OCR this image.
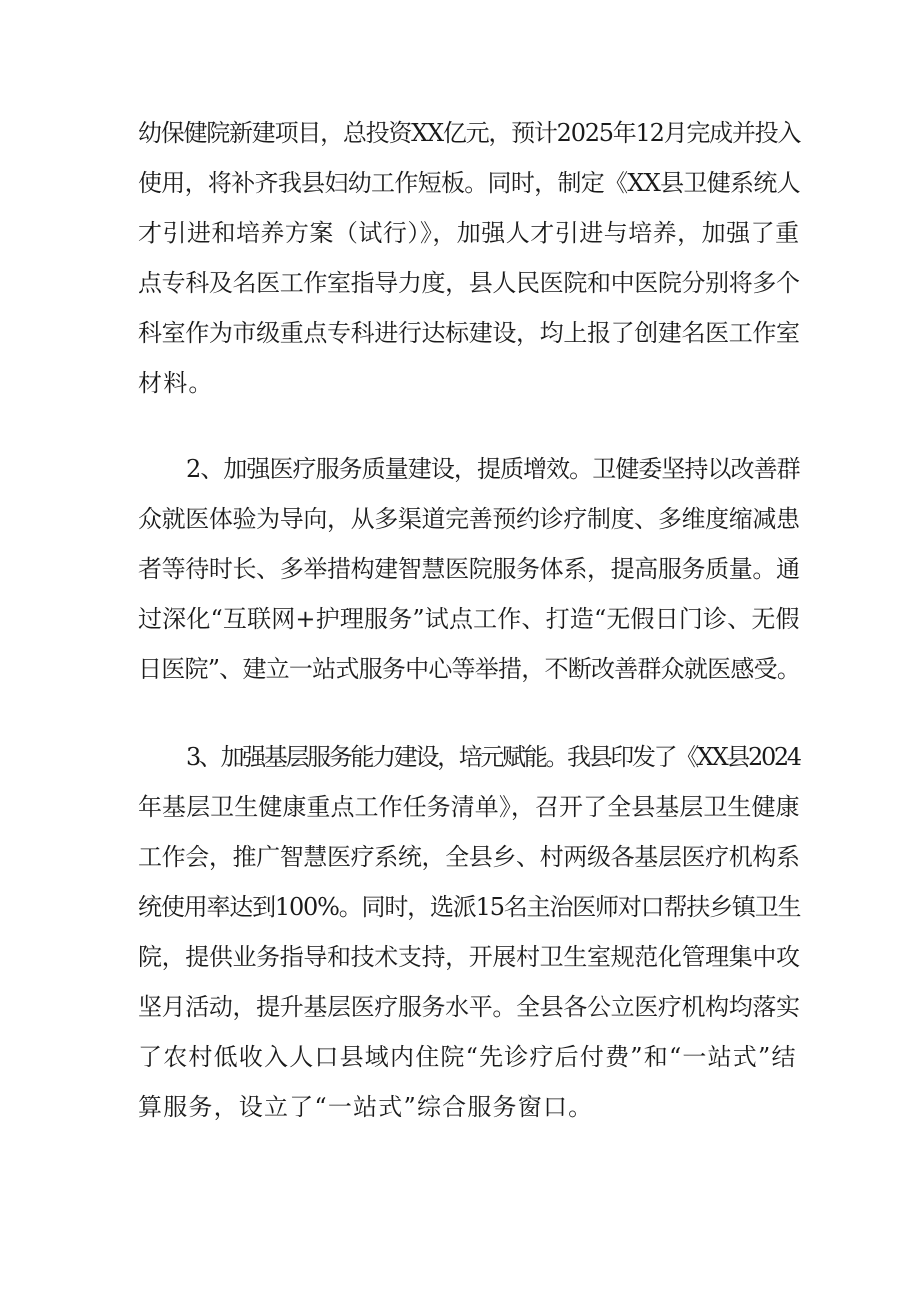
幼保健院新建项目，总投资XX亿元，预计2025年12月完成并投入
使用，将补齐我县妇幼工作短板。同时，制定《XX县卫健系统人
才引进和培养方案（试行）》，加强人才引进与培养，加强了重
点专科及名医工作室指导力度，县人民医院和中医院分别将多个
科室作为市级重点专科进行达标建设，均上报了创建名医工作室
材料。
2、加强医疗服务质量建设，提质增效。卫健委坚持以改善群
众就医体验为导向，从多渠道完善预约诊疗制度、多维度缩减患
者等待时长、多举措构建智慧医院服务体系，提高服务质量。通
过深化“互联网+护理服务”试点工作、打造“无假日门诊、无假
日医院”、建立一站式服务中心等举措，不断改善群众就医感受。
3、加强基层服务能力建设，培元赋能。我县印发了《XX县2024
年基层卫生健康重点工作任务清单》，召开了全县基层卫生健康
工作会，推广智慧医疗系统，全县乡、村两级各基层医疗机构系
统使用率达到100%。同时，选派15名主治医师对口帮扶乡镇卫生
院，提供业务指导和技术支持，开展村卫生室规范化管理集中攻
坚月活动，提升基层医疗服务水平。全县各公立医疗机构均落实
了农村低收入人口县域内住院“先诊疗后付费”和“一站式”结
算服务，设立了“一站式”综合服务窗口。
